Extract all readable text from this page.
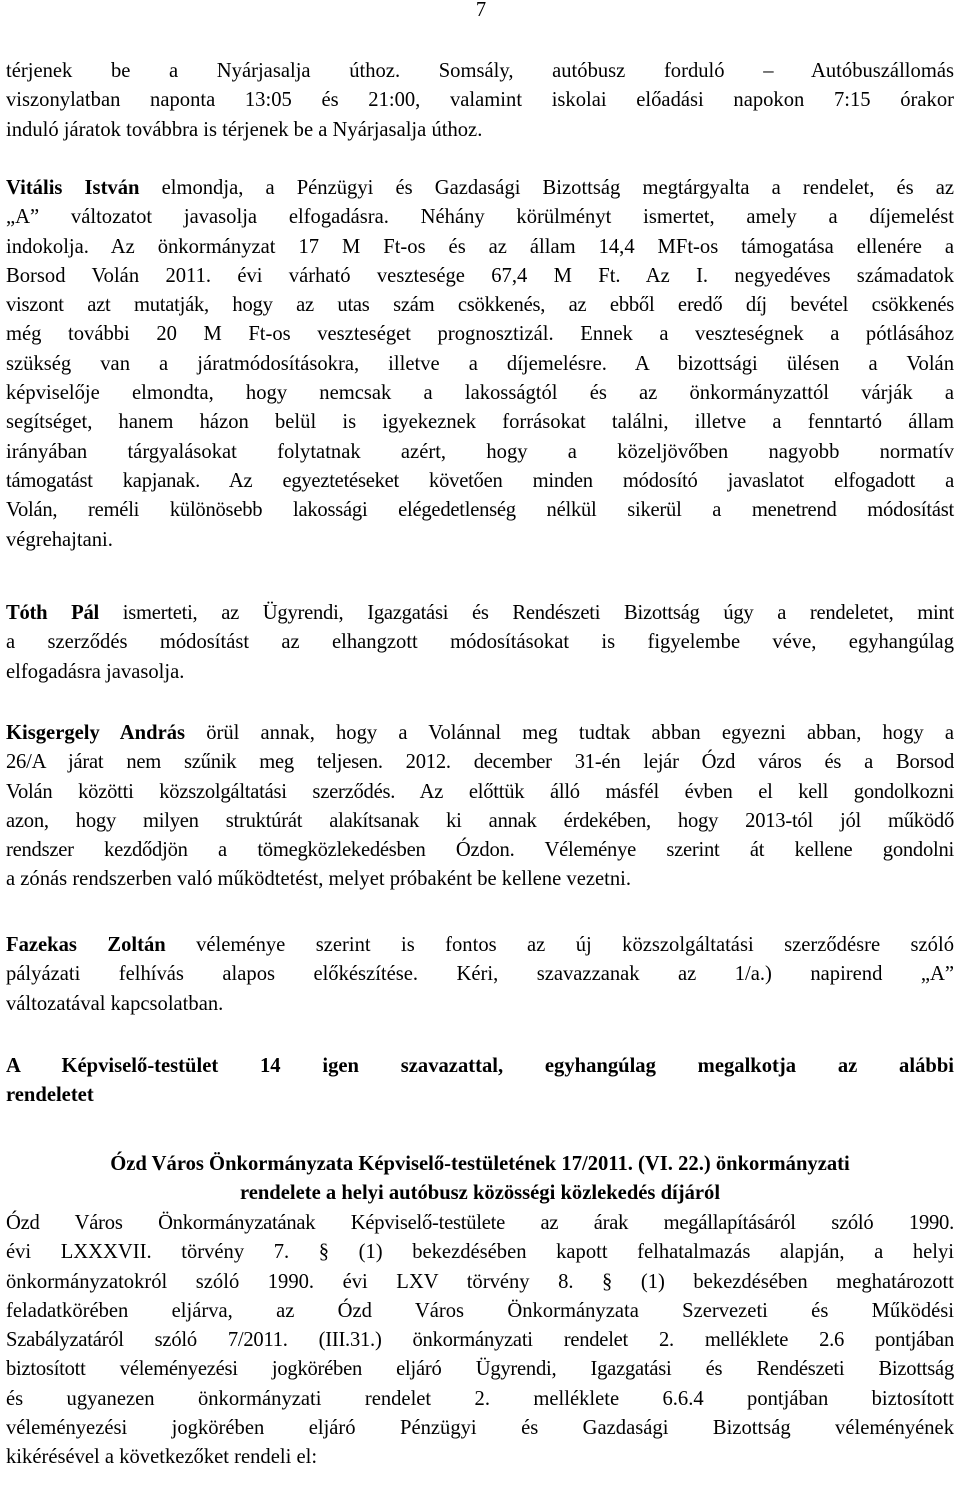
7
térjenek be a Nyárjasalja úthoz. Somsály, autóbusz forduló – Autóbuszállomás
viszonylatban naponta 13:05 és 21:00, valamint iskolai előadási napokon 7:15 órakor
induló járatok továbbra is térjenek be a Nyárjasalja úthoz.
Vitális István elmondja, a Pénzügyi és Gazdasági Bizottság megtárgyalta a rendelet, és az
„A” változatot javasolja elfogadásra. Néhány körülményt ismertet, amely a díjemelést
indokolja. Az önkormányzat 17 M Ft-os és az állam 14,4 MFt-os támogatása ellenére a
Borsod Volán 2011. évi várható vesztesége 67,4 M Ft. Az I. negyedéves számadatok
viszont azt mutatják, hogy az utas szám csökkenés, az ebből eredő díj bevétel csökkenés
még további 20 M Ft-os veszteséget prognosztizál. Ennek a veszteségnek a pótlásához
szükség van a járatmódosításokra, illetve a díjemelésre. A bizottsági ülésen a Volán
képviselője elmondta, hogy nemcsak a lakosságtól és az önkormányzattól várják a
segítséget, hanem házon belül is igyekeznek forrásokat találni, illetve a fenntartó állam
irányában tárgyalásokat folytatnak azért, hogy a közeljövőben nagyobb normatív
támogatást kapjanak. Az egyeztetéseket követően minden módosító javaslatot elfogadott a
Volán, reméli különösebb lakossági elégedetlenség nélkül sikerül a menetrend módosítást
végrehajtani.
Tóth Pál ismerteti, az Ügyrendi, Igazgatási és Rendészeti Bizottság úgy a rendeletet, mint
a szerződés módosítást az elhangzott módosításokat is figyelembe véve, egyhangúlag
elfogadásra javasolja.
Kisgergely András örül annak, hogy a Volánnal meg tudtak abban egyezni abban, hogy a
26/A járat nem szűnik meg teljesen. 2012. december 31-én lejár Ózd város és a Borsod
Volán közötti közszolgáltatási szerződés. Az előttük álló másfél évben el kell gondolkozni
azon, hogy milyen struktúrát alakítsanak ki annak érdekében, hogy 2013-tól jól működő
rendszer kezdődjön a tömegközlekedésben Ózdon. Véleménye szerint át kellene gondolni
a zónás rendszerben való működtetést, melyet próbaként be kellene vezetni.
Fazekas Zoltán véleménye szerint is fontos az új közszolgáltatási szerződésre szóló
pályázati felhívás alapos előkészítése. Kéri, szavazzanak az 1/a.) napirend „A”
változatával kapcsolatban.
A Képviselő-testület 14 igen szavazattal, egyhangúlag megalkotja az alábbi
rendeletet
Ózd Város Önkormányzata Képviselő-testületének 17/2011. (VI. 22.) önkormányzati
rendelete a helyi autóbusz közösségi közlekedés díjáról
Ózd Város Önkormányzatának Képviselő-testülete az árak megállapításáról szóló 1990.
évi LXXXVII. törvény 7. § (1) bekezdésében kapott felhatalmazás alapján, a helyi
önkormányzatokról szóló 1990. évi LXV törvény 8. § (1) bekezdésében meghatározott
feladatkörében eljárva, az Ózd Város Önkormányzata Szervezeti és Működési
Szabályzatáról szóló 7/2011. (III.31.) önkormányzati rendelet 2. melléklete 2.6 pontjában
biztosított véleményezési jogkörében eljáró Ügyrendi, Igazgatási és Rendészeti Bizottság
és ugyanezen önkormányzati rendelet 2. melléklete 6.6.4 pontjában biztosított
véleményezési jogkörében eljáró Pénzügyi és Gazdasági Bizottság véleményének
kikérésével a következőket rendeli el:
